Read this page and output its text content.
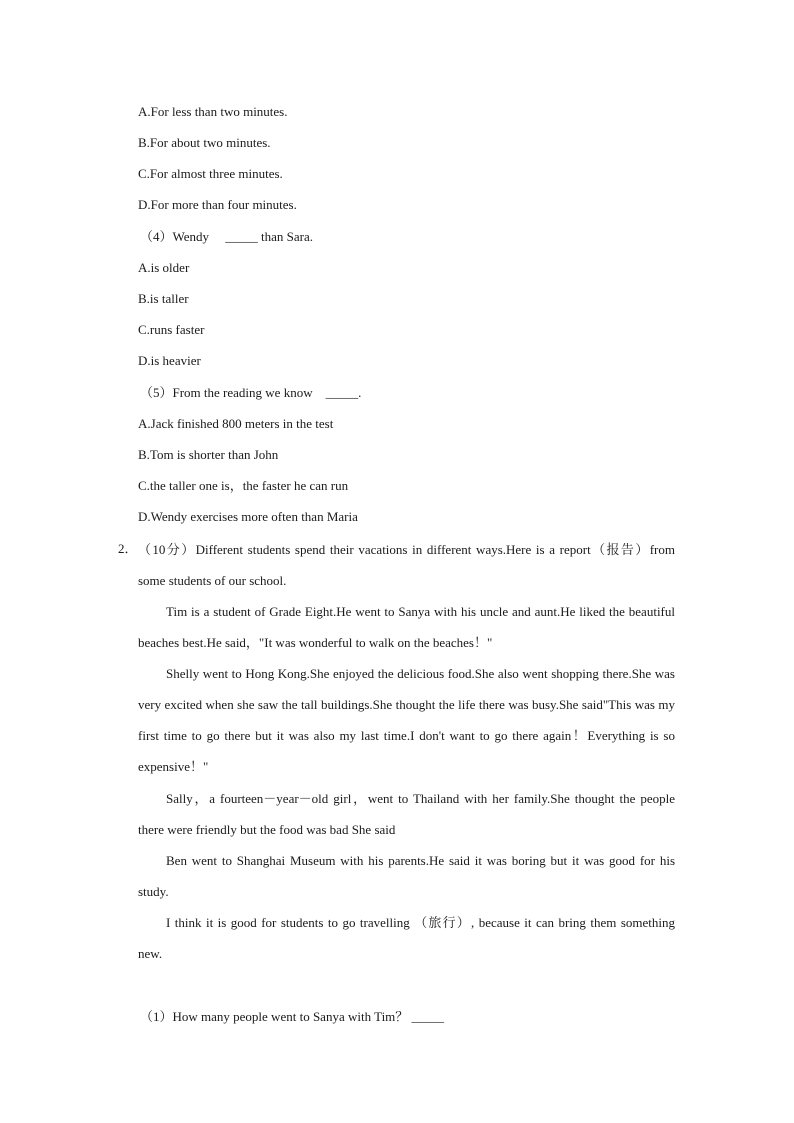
A.For less than two minutes.
B.For about two minutes.
C.For almost three minutes.
D.For more than four minutes.
（4）Wendy　 _____ than Sara.
A.is older
B.is taller
C.runs faster
D.is heavier
（5）From the reading we know　_____.
A.Jack finished 800 meters in the test
B.Tom is shorter than John
C.the taller one is，the faster he can run
D.Wendy exercises more often than Maria
2． （10分）Different students spend their vacations in different ways.Here is a report（报告）from some students of our school.
Tim is a student of Grade Eight.He went to Sanya with his uncle and aunt.He liked the beautiful beaches best.He said，"It was wonderful to walk on the beaches！"
Shelly went to Hong Kong.She enjoyed the delicious food.She also went shopping there.She was very excited when she saw the tall buildings.She thought the life there was busy.She said"This was my first time to go there but it was also my last time.I don't want to go there again！Everything is so expensive！"
Sally，a fourteen－year－old girl，went to Thailand with her family.She thought the people there were friendly but the food was bad She said
Ben went to Shanghai Museum with his parents.He said it was boring but it was good for his study.
I think it is good for students to go travelling （旅行）, because it can bring them something new.
（1）How many people went to Sanya with Tim？ _____
